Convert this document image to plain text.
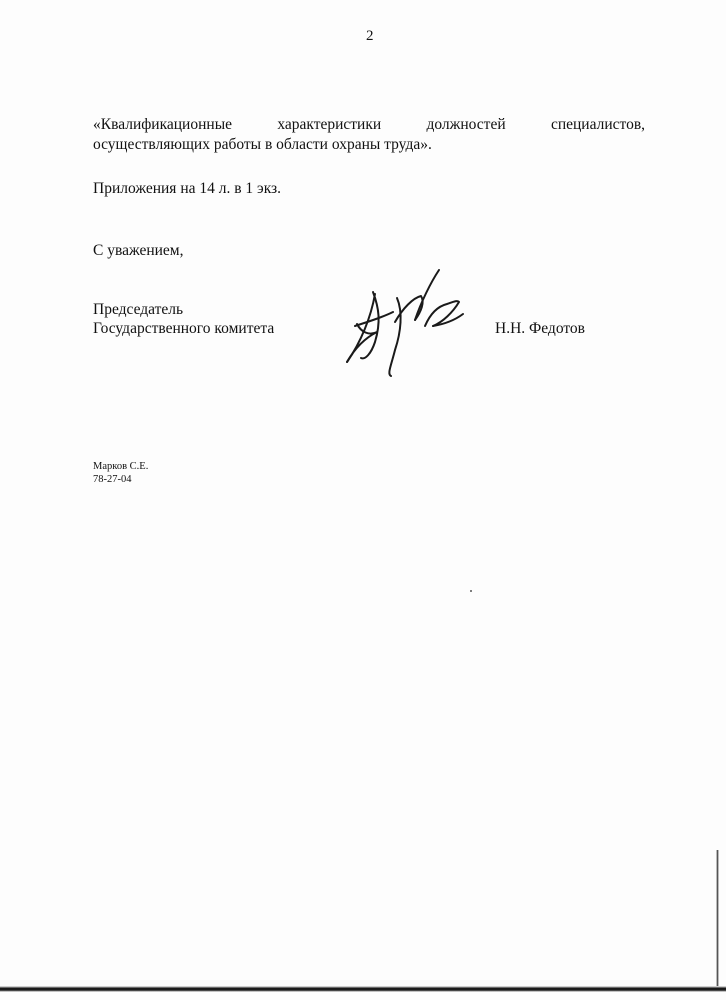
2
«Квалификационные	характеристики	должностей	специалистов,
осуществляющих работы в области охраны труда».
Приложения на 14 л. в 1 экз.
С уважением,
Председатель
Государственного комитета	Н.Н. Федотов
Марков С.Е.
78-27-04
